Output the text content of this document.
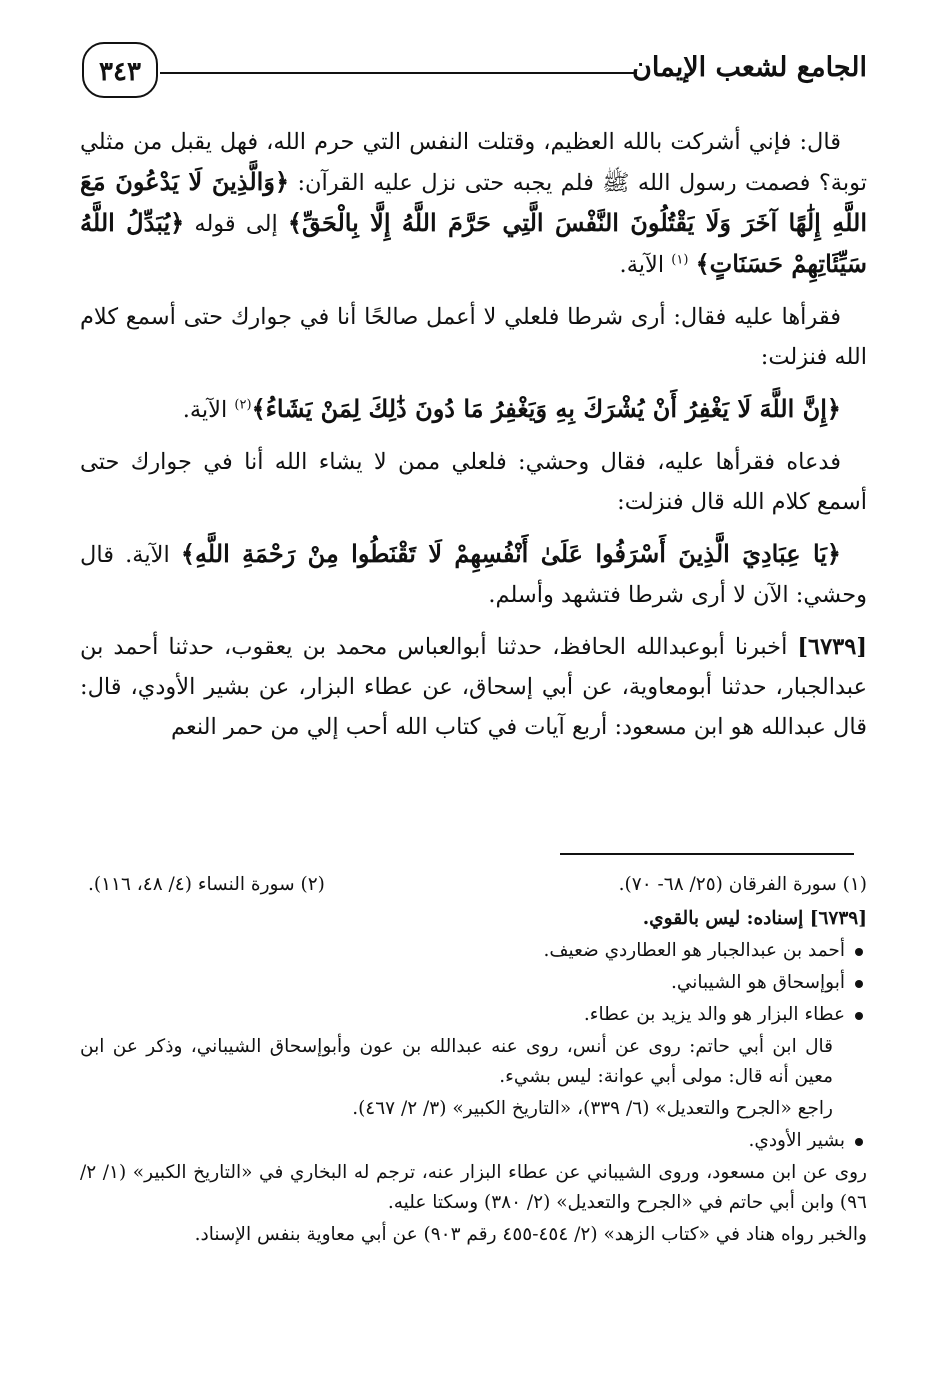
الجامع لشعب الإيمان
٣٤٣

قال: فإني أشركت بالله العظيم، وقتلت النفس التي حرم الله، فهل يقبل من مثلي توبة؟ فصمت رسول الله ﷺ فلم يجبه حتى نزل عليه القرآن: ﴿وَالَّذِينَ لَا يَدْعُونَ مَعَ اللَّهِ إِلَٰهًا آخَرَ وَلَا يَقْتُلُونَ النَّفْسَ الَّتِي حَرَّمَ اللَّهُ إِلَّا بِالْحَقِّ﴾ إلى قوله ﴿يُبَدِّلُ اللَّهُ سَيِّئَاتِهِمْ حَسَنَاتٍ﴾ $^{(١)}$ الآية.

فقرأها عليه فقال: أرى شرطا فلعلي لا أعمل صالحًا أنا في جوارك حتى أسمع كلام الله فنزلت:

﴿إِنَّ اللَّهَ لَا يَغْفِرُ أَنْ يُشْرَكَ بِهِ وَيَغْفِرُ مَا دُونَ ذَٰلِكَ لِمَنْ يَشَاءُ﴾$^{(٢)}$ الآية.

فدعاه فقرأها عليه، فقال وحشي: فلعلي ممن لا يشاء الله أنا في جوارك حتى أسمع كلام الله قال فنزلت:

﴿يَا عِبَادِيَ الَّذِينَ أَسْرَفُوا عَلَىٰ أَنْفُسِهِمْ لَا تَقْنَطُوا مِنْ رَحْمَةِ اللَّهِ﴾ الآية. قال وحشي: الآن لا أرى شرطا فتشهد وأسلم.

[٦٧٣٩] أخبرنا أبوعبدالله الحافظ، حدثنا أبوالعباس محمد بن يعقوب، حدثنا أحمد بن عبدالجبار، حدثنا أبومعاوية، عن أبي إسحاق، عن عطاء البزار، عن بشير الأودي، قال: قال عبدالله هو ابن مسعود: أربع آيات في كتاب الله أحب إلي من حمر النعم

(١) سورة الفرقان (٢٥/ ٦٨- ٧٠).
(٢) سورة النساء (٤/ ٤٨، ١١٦).

[٦٧٣٩] إسناده: ليس بالقوي.

أحمد بن عبدالجبار هو العطاردي ضعيف.

أبوإسحاق هو الشيباني.

عطاء البزار هو والد يزيد بن عطاء.

قال ابن أبي حاتم: روى عن أنس، روى عنه عبدالله بن عون وأبوإسحاق الشيباني، وذكر عن ابن معين أنه قال: مولى أبي عوانة: ليس بشيء.

راجع «الجرح والتعديل» (٦/ ٣٣٩)، «التاريخ الكبير» (٣/ ٢/ ٤٦٧).

بشير الأودي.

روى عن ابن مسعود، وروى الشيباني عن عطاء البزار عنه، ترجم له البخاري في «التاريخ الكبير» (١/ ٢/ ٩٦) وابن أبي حاتم في «الجرح والتعديل» (٢/ ٣٨٠) وسكتا عليه.

والخبر رواه هناد في «كتاب الزهد» (٢/ ٤٥٤-٤٥٥ رقم ٩٠٣) عن أبي معاوية بنفس الإسناد.
